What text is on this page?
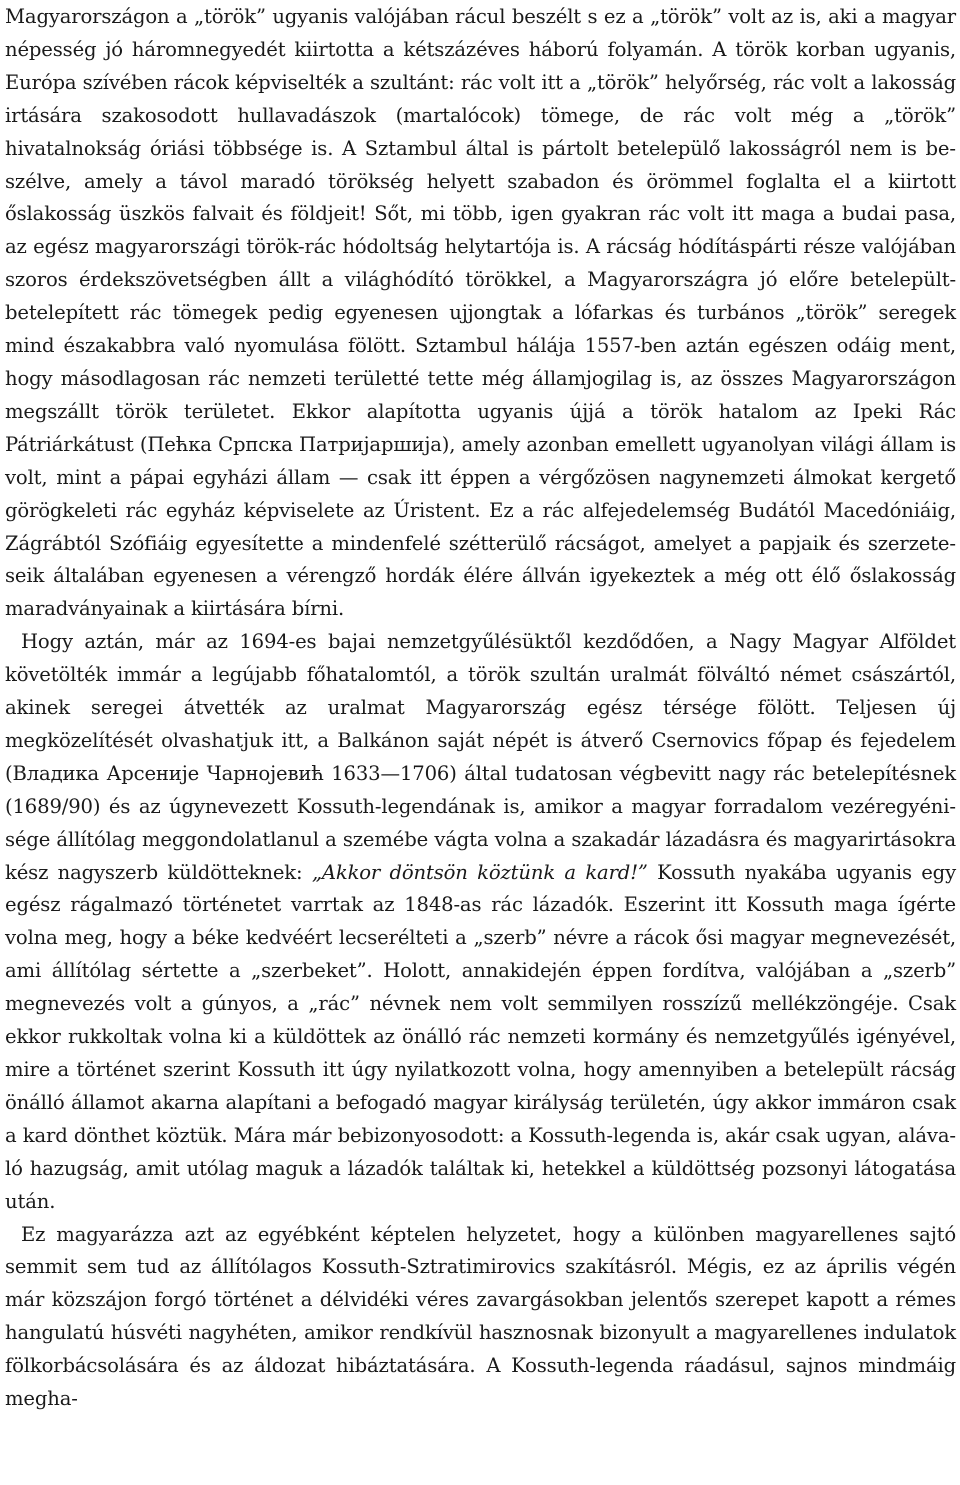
Magyarországon a „török” ugyanis valójában rácul beszélt s ez a „török” volt az is, aki a magyar népesség jó háromnegyedét kiirtotta a kétszázéves háború folyamán. A török korban ugyanis, Európa szívében rácok képviselték a szultánt: rác volt itt a „török” helyőrség, rác volt a lakosság irtására szakosodott hullavadászok (martalócok) tömege, de rác volt még a „török” hivatalnokság óriási többsége is. A Sztambul által is pártolt betelepülő lakosságról nem is beszélve, amely a távol maradó törökség helyett szabadon és örömmel foglalta el a kiirtott őslakosság üszkös falvait és földjeit! Sőt, mi több, igen gyakran rác volt itt maga a budai pasa, az egész magyarországi török-rác hódoltság helytartója is. A rácság hódításpárti része valójában szoros érdekszövetségben állt a világhódító törökkel, a Magyarországra jó előre betelepült-betelepített rác tömegek pedig egyenesen ujjongtak a lófarkas és turbános „török” seregek mind északabbra való nyomulása fölött. Sztambul hálája 1557-ben aztán egészen odáig ment, hogy másodlagosan rác nemzeti területté tette még államjogilag is, az összes Magyarországon megszállt török területet. Ekkor alapította ugyanis újjá a török hatalom az Ipeki Rác Pátriárkátust (Пећка Српска Патријаршија), amely azonban emellett ugyanolyan világi állam is volt, mint a pápai egyházi állam — csak itt éppen a vérgőzösen nagynemzeti álmokat kergető görögkeleti rác egyház képviselete az Úristent. Ez a rác alfejedelemség Budától Macedóniáig, Zágrábtól Szófiáig egyesítette a mindenfelé szétterülő rácságot, amelyet a papjaik és szerzeteseik általában egyenesen a vérengző hordák élére állván igyekeztek a még ott élő őslakosság maradványainak a kiirtására bírni.

Hogy aztán, már az 1694-es bajai nemzetgyűlésüktől kezdődően, a Nagy Magyar Alföldet követölték immár a legújabb főhatalomtól, a török szultán uralmát fölváltó német császártól, akinek seregei átvették az uralmat Magyarország egész térsége fölött. Teljesen új megközelítését olvashatjuk itt, a Balkánon saját népét is átverő Csernovics főpap és fejedelem (Владика Арсеније Чарнојевић 1633—1706) által tudatosan végbevitt nagy rác betelepítésnek (1689/90) és az úgynevezett Kossuth-legendának is, amikor a magyar forradalom vezéregyénisége állítólag meggondolatlanul a szemébe vágta volna a szakadár lázadásra és magyarirtásokra kész nagyszerb küldötteknek: „Akkor döntsön köztünk a kard!” Kossuth nyakába ugyanis egy egész rágalmazó történetet varrtak az 1848-as rác lázadók. Eszerint itt Kossuth maga ígérte volna meg, hogy a béke kedvéért lecserélteti a „szerb” névre a rácok ősi magyar megnevezését, ami állítólag sértette a „szerbeket”. Holott, annakidején éppen fordítva, valójában a „szerb” megnevezés volt a gúnyos, a „rác” névnek nem volt semmilyen rosszízű mellékzöngéje. Csak ekkor rukkoltak volna ki a küldöttek az önálló rác nemzeti kormány és nemzetgyűlés igényével, mire a történet szerint Kossuth itt úgy nyilatkozott volna, hogy amennyiben a betelepült rácság önálló államot akarna alapítani a befogadó magyar királyság területén, úgy akkor immáron csak a kard dönthet köztük. Mára már bebizonyosodott: a Kossuth-legenda is, akár csak ugyan, alávaló hazugság, amit utólag maguk a lázadók találtak ki, hetekkel a küldöttség pozsonyi látogatása után.

Ez magyarázza azt az egyébként képtelen helyzetet, hogy a különben magyarellenes sajtó semmit sem tud az állítólagos Kossuth-Sztratimirovics szakításról. Mégis, ez az április végén már közszájon forgó történet a délvidéki véres zavargásokban jelentős szerepet kapott a rémes hangulatú húsvéti nagyhéten, amikor rendkívül hasznosnak bizonyult a magyarellenes indulatok fölkorbácsolására és az áldozat hibáztatására. A Kossuth-legenda ráadásul, sajnos mindmáig megha-
